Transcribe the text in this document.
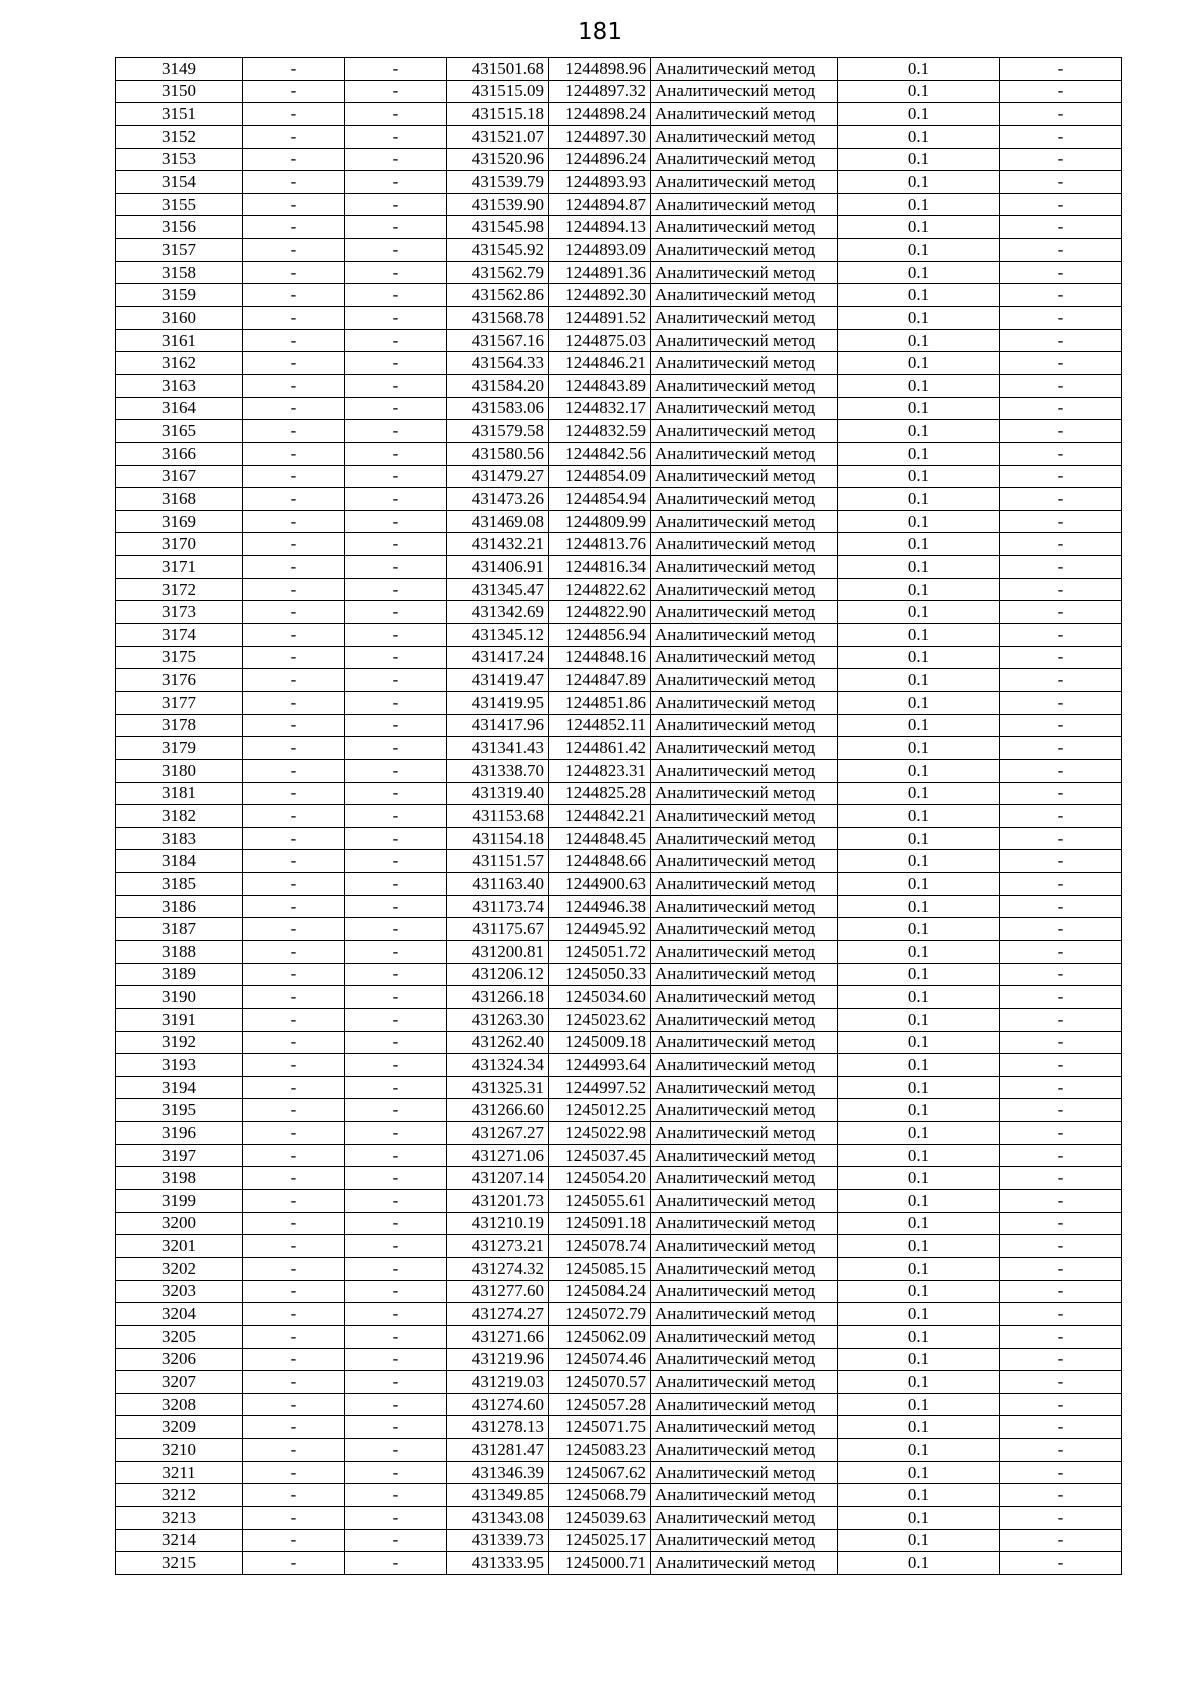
181
3149	-	-	431501.68	1244898.96	Аналитический метод	0.1	-
3150	-	-	431515.09	1244897.32	Аналитический метод	0.1	-
3151	-	-	431515.18	1244898.24	Аналитический метод	0.1	-
3152	-	-	431521.07	1244897.30	Аналитический метод	0.1	-
3153	-	-	431520.96	1244896.24	Аналитический метод	0.1	-
3154	-	-	431539.79	1244893.93	Аналитический метод	0.1	-
3155	-	-	431539.90	1244894.87	Аналитический метод	0.1	-
3156	-	-	431545.98	1244894.13	Аналитический метод	0.1	-
3157	-	-	431545.92	1244893.09	Аналитический метод	0.1	-
3158	-	-	431562.79	1244891.36	Аналитический метод	0.1	-
3159	-	-	431562.86	1244892.30	Аналитический метод	0.1	-
3160	-	-	431568.78	1244891.52	Аналитический метод	0.1	-
3161	-	-	431567.16	1244875.03	Аналитический метод	0.1	-
3162	-	-	431564.33	1244846.21	Аналитический метод	0.1	-
3163	-	-	431584.20	1244843.89	Аналитический метод	0.1	-
3164	-	-	431583.06	1244832.17	Аналитический метод	0.1	-
3165	-	-	431579.58	1244832.59	Аналитический метод	0.1	-
3166	-	-	431580.56	1244842.56	Аналитический метод	0.1	-
3167	-	-	431479.27	1244854.09	Аналитический метод	0.1	-
3168	-	-	431473.26	1244854.94	Аналитический метод	0.1	-
3169	-	-	431469.08	1244809.99	Аналитический метод	0.1	-
3170	-	-	431432.21	1244813.76	Аналитический метод	0.1	-
3171	-	-	431406.91	1244816.34	Аналитический метод	0.1	-
3172	-	-	431345.47	1244822.62	Аналитический метод	0.1	-
3173	-	-	431342.69	1244822.90	Аналитический метод	0.1	-
3174	-	-	431345.12	1244856.94	Аналитический метод	0.1	-
3175	-	-	431417.24	1244848.16	Аналитический метод	0.1	-
3176	-	-	431419.47	1244847.89	Аналитический метод	0.1	-
3177	-	-	431419.95	1244851.86	Аналитический метод	0.1	-
3178	-	-	431417.96	1244852.11	Аналитический метод	0.1	-
3179	-	-	431341.43	1244861.42	Аналитический метод	0.1	-
3180	-	-	431338.70	1244823.31	Аналитический метод	0.1	-
3181	-	-	431319.40	1244825.28	Аналитический метод	0.1	-
3182	-	-	431153.68	1244842.21	Аналитический метод	0.1	-
3183	-	-	431154.18	1244848.45	Аналитический метод	0.1	-
3184	-	-	431151.57	1244848.66	Аналитический метод	0.1	-
3185	-	-	431163.40	1244900.63	Аналитический метод	0.1	-
3186	-	-	431173.74	1244946.38	Аналитический метод	0.1	-
3187	-	-	431175.67	1244945.92	Аналитический метод	0.1	-
3188	-	-	431200.81	1245051.72	Аналитический метод	0.1	-
3189	-	-	431206.12	1245050.33	Аналитический метод	0.1	-
3190	-	-	431266.18	1245034.60	Аналитический метод	0.1	-
3191	-	-	431263.30	1245023.62	Аналитический метод	0.1	-
3192	-	-	431262.40	1245009.18	Аналитический метод	0.1	-
3193	-	-	431324.34	1244993.64	Аналитический метод	0.1	-
3194	-	-	431325.31	1244997.52	Аналитический метод	0.1	-
3195	-	-	431266.60	1245012.25	Аналитический метод	0.1	-
3196	-	-	431267.27	1245022.98	Аналитический метод	0.1	-
3197	-	-	431271.06	1245037.45	Аналитический метод	0.1	-
3198	-	-	431207.14	1245054.20	Аналитический метод	0.1	-
3199	-	-	431201.73	1245055.61	Аналитический метод	0.1	-
3200	-	-	431210.19	1245091.18	Аналитический метод	0.1	-
3201	-	-	431273.21	1245078.74	Аналитический метод	0.1	-
3202	-	-	431274.32	1245085.15	Аналитический метод	0.1	-
3203	-	-	431277.60	1245084.24	Аналитический метод	0.1	-
3204	-	-	431274.27	1245072.79	Аналитический метод	0.1	-
3205	-	-	431271.66	1245062.09	Аналитический метод	0.1	-
3206	-	-	431219.96	1245074.46	Аналитический метод	0.1	-
3207	-	-	431219.03	1245070.57	Аналитический метод	0.1	-
3208	-	-	431274.60	1245057.28	Аналитический метод	0.1	-
3209	-	-	431278.13	1245071.75	Аналитический метод	0.1	-
3210	-	-	431281.47	1245083.23	Аналитический метод	0.1	-
3211	-	-	431346.39	1245067.62	Аналитический метод	0.1	-
3212	-	-	431349.85	1245068.79	Аналитический метод	0.1	-
3213	-	-	431343.08	1245039.63	Аналитический метод	0.1	-
3214	-	-	431339.73	1245025.17	Аналитический метод	0.1	-
3215	-	-	431333.95	1245000.71	Аналитический метод	0.1	-
